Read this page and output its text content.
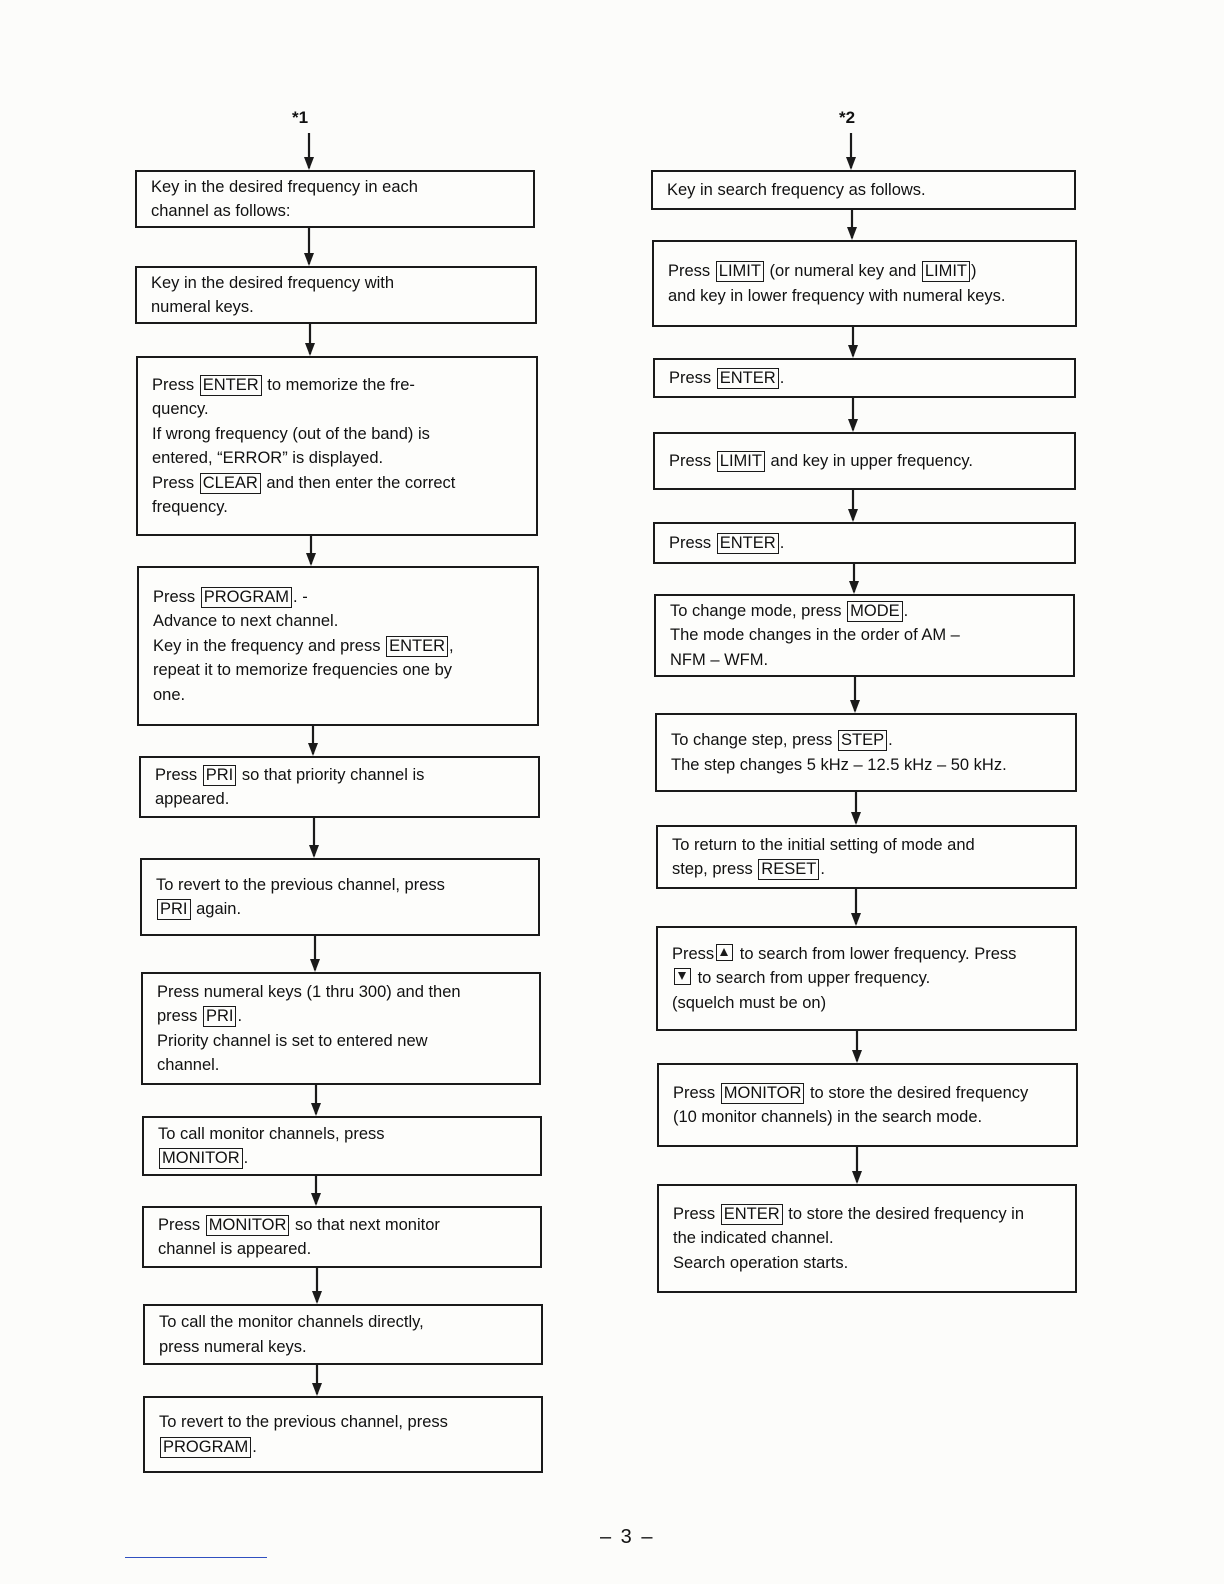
*1	*2
Key in the desired frequency in each
channel as follows:
Key in the desired frequency with
numeral keys.
Press ENTER to memorize the fre-
quency.
If wrong frequency (out of the band) is
entered, “ERROR” is displayed.
Press CLEAR and then enter the correct
frequency.
Press PROGRAM . -
Advance to next channel.
Key in the frequency and press ENTER ,
repeat it to memorize frequencies one by
one.
Press PRI so that priority channel is
appeared.
To revert to the previous channel, press
PRI again.
Press numeral keys (1 thru 300) and then
press PRI .
Priority channel is set to entered new
channel.
To call monitor channels, press
MONITOR .
Press MONITOR so that next monitor
channel is appeared.
To call the monitor channels directly,
press numeral keys.
To revert to the previous channel, press
PROGRAM .
Key in search frequency as follows.
Press LIMIT (or numeral key and LIMIT )
and key in lower frequency with numeral keys.
Press ENTER .
Press LIMIT and key in upper frequency.
Press ENTER .
To change mode, press MODE .
The mode changes in the order of AM –
NFM – WFM.
To change step, press STEP .
The step changes 5 kHz – 12.5 kHz – 50 kHz.
To return to the initial setting of mode and
step, press RESET .
Press to search from lower frequency. Press
to search from upper frequency.
(squelch must be on)
Press MONITOR to store the desired frequency
(10 monitor channels) in the search mode.
Press ENTER to store the desired frequency in
the indicated channel.
Search operation starts.
– 3 –
